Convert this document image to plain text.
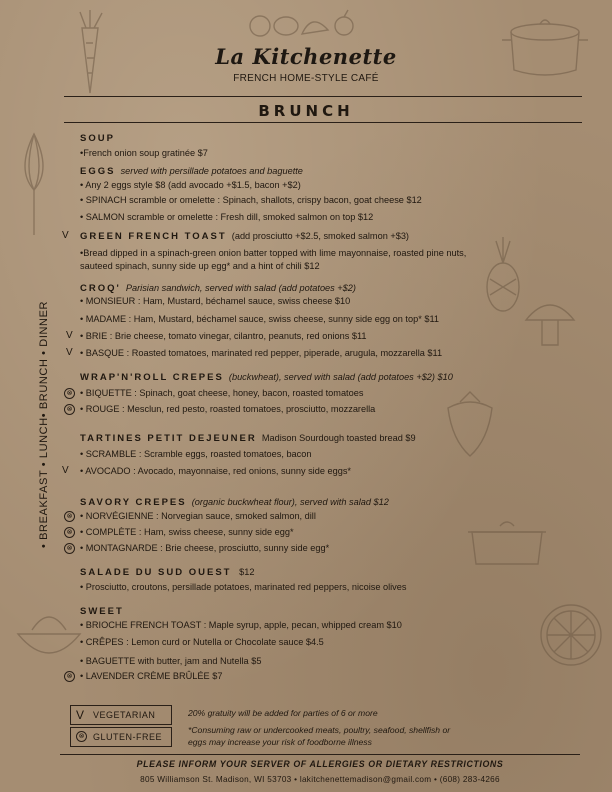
La Kitchenette
FRENCH HOME-STYLE CAFÉ
BRUNCH
• BREAKFAST • LUNCH• BRUNCH • DINNER
SOUP
•French onion soup gratinée $7
EGGS served with persillade potatoes and baguette
• Any 2 eggs style $8 (add avocado +$1.5, bacon +$2)
• SPINACH scramble or omelette : Spinach, shallots, crispy bacon, goat cheese $12
• SALMON scramble or omelette : Fresh dill, smoked salmon on top $12
V GREEN FRENCH TOAST (add prosciutto +$2.5, smoked salmon +$3)
•Bread dipped in a spinach-green onion batter topped with lime mayonnaise, roasted pine nuts,
sauteed spinach, sunny side up egg* and a hint of chili $12
CROQ' Parisian sandwich, served with salad (add potatoes +$2)
• MONSIEUR : Ham, Mustard, béchamel sauce, swiss cheese $10
• MADAME : Ham, Mustard, béchamel sauce, swiss cheese, sunny side egg on top* $11
V • BRIE : Brie cheese, tomato vinegar, cilantro, peanuts, red onions $11
V • BASQUE : Roasted tomatoes, marinated red pepper, piperade, arugula, mozzarella $11
WRAP'N'ROLL CREPES (buckwheat), served with salad (add potatoes +$2) $10
⊗ • BIQUETTE : Spinach, goat cheese, honey, bacon, roasted tomatoes
⊗ • ROUGE : Mesclun, red pesto, roasted tomatoes, prosciutto, mozzarella
TARTINES PETIT DEJEUNER Madison Sourdough toasted bread $9
• SCRAMBLE : Scramble eggs, roasted tomatoes, bacon
V • AVOCADO : Avocado, mayonnaise, red onions, sunny side eggs*
SAVORY CREPES (organic buckwheat flour), served with salad $12
⊗ • NORVÉGIENNE : Norvegian sauce, smoked salmon, dill
⊗ • COMPLÈTE : Ham, swiss cheese, sunny side egg*
⊗ • MONTAGNARDE : Brie cheese, prosciutto, sunny side egg*
SALADE DU SUD OUEST $12
• Prosciutto, croutons, persillade potatoes, marinated red peppers, nicoise olives
SWEET
• BRIOCHE FRENCH TOAST : Maple syrup, apple, pecan, whipped cream $10
• CRÊPES : Lemon curd or Nutella or Chocolate sauce $4.5
• BAGUETTE with butter, jam and Nutella $5
⊗ • LAVENDER CRÈME BRÛLÉE $7
V VEGETARIAN
⊗ GLUTEN-FREE
20% gratuity will be added for parties of 6 or more
*Consuming raw or undercooked meats, poultry, seafood, shellfish or
eggs may increase your risk of foodborne illness
PLEASE INFORM YOUR SERVER OF ALLERGIES OR DIETARY RESTRICTIONS
805 Williamson St. Madison, WI 53703 • lakitchenettemadison@gmail.com • (608) 283-4266
